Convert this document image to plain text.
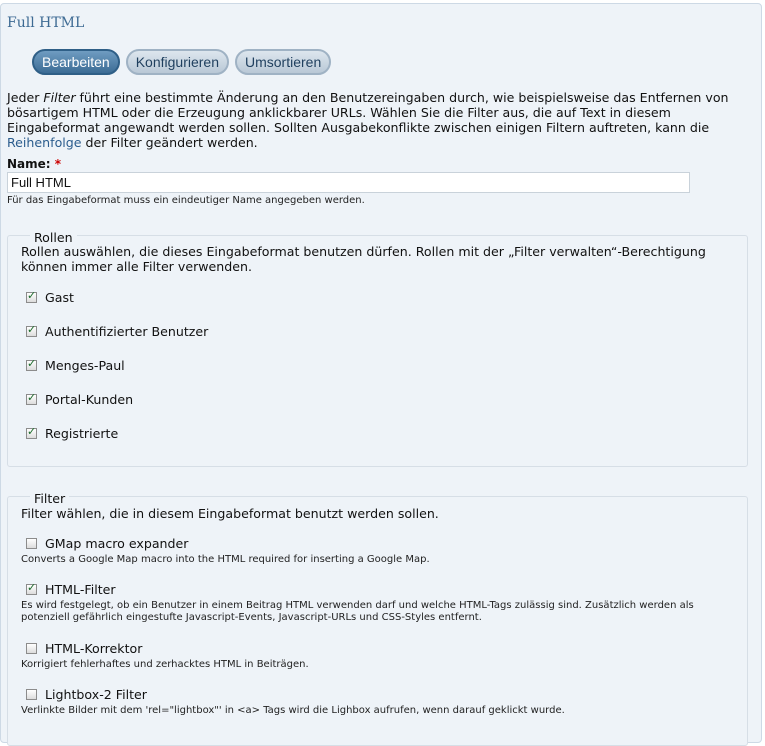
Full HTML
Bearbeiten	Konfigurieren	Umsortieren
Jeder Filter führt eine bestimmte Änderung an den Benutzereingaben durch, wie beispielsweise das Entfernen von bösartigem HTML oder die Erzeugung anklickbarer URLs. Wählen Sie die Filter aus, die auf Text in diesem Eingabeformat angewandt werden sollen. Sollten Ausgabekonflikte zwischen einigen Filtern auftreten, kann die Reihenfolge der Filter geändert werden.
Name: *
Full HTML
Für das Eingabeformat muss ein eindeutiger Name angegeben werden.
Rollen
Rollen auswählen, die dieses Eingabeformat benutzen dürfen. Rollen mit der „Filter verwalten“-Berechtigung können immer alle Filter verwenden.
✓
Gast
✓
Authentifizierter Benutzer
✓
Menges-Paul
✓
Portal-Kunden
✓
Registrierte
Filter
Filter wählen, die in diesem Eingabeformat benutzt werden sollen.
GMap macro expander
Converts a Google Map macro into the HTML required for inserting a Google Map.
✓
HTML-Filter
Es wird festgelegt, ob ein Benutzer in einem Beitrag HTML verwenden darf und welche HTML-Tags zulässig sind. Zusätzlich werden als potenziell gefährlich eingestufte Javascript-Events, Javascript-URLs und CSS-Styles entfernt.
HTML-Korrektor
Korrigiert fehlerhaftes und zerhacktes HTML in Beiträgen.
Lightbox-2 Filter
Verlinkte Bilder mit dem 'rel="lightbox"' in <a> Tags wird die Lighbox aufrufen, wenn darauf geklickt wurde.
